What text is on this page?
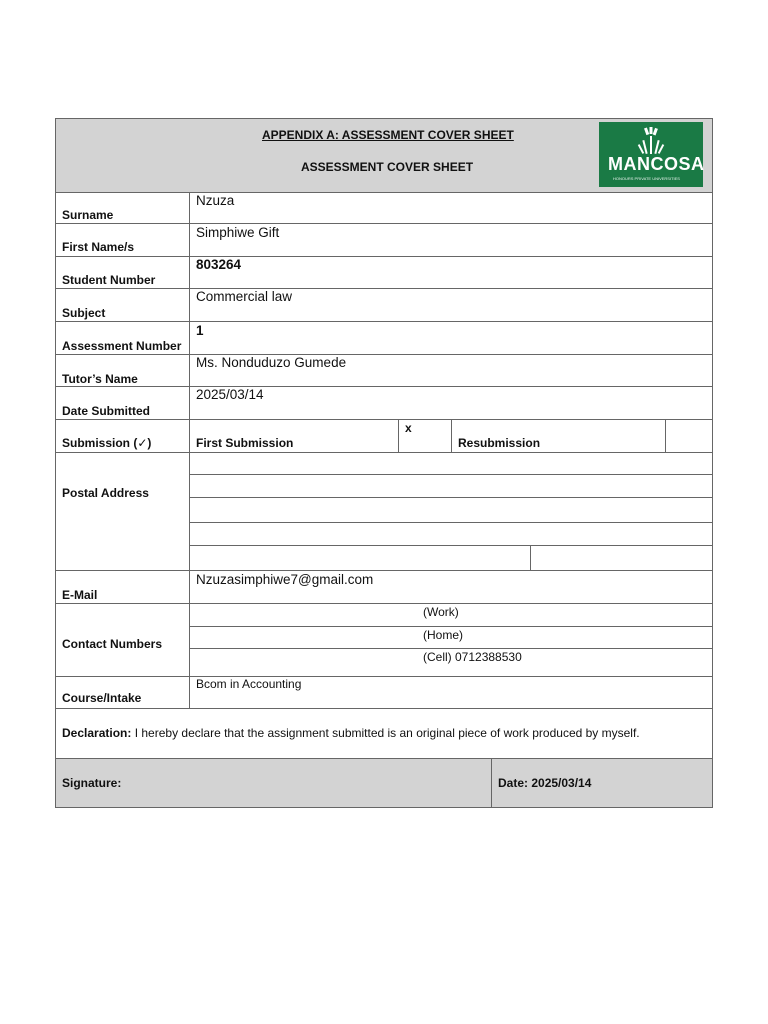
APPENDIX A: ASSESSMENT COVER SHEET
ASSESSMENT COVER SHEET	MANCOSA
HONOURS PRIVATE UNIVERSITIES
Surname
First Name/s
Student Number
Subject
Assessment Number
Tutor’s Name
Date Submitted
Submission (✓)
Postal Address
E-Mail
Contact Numbers
Course/Intake
Nzuza
Simphiwe Gift
803264
Commercial law
1
Ms. Nonduduzo Gumede
2025/03/14
First Submission
x
Resubmission
Nzuzasimphiwe7@gmail.com
(Work)
(Home)
(Cell) 0712388530
Bcom in Accounting
Declaration: I hereby declare that the assignment submitted is an original piece of work produced by myself.
Signature:	Date: 2025/03/14
